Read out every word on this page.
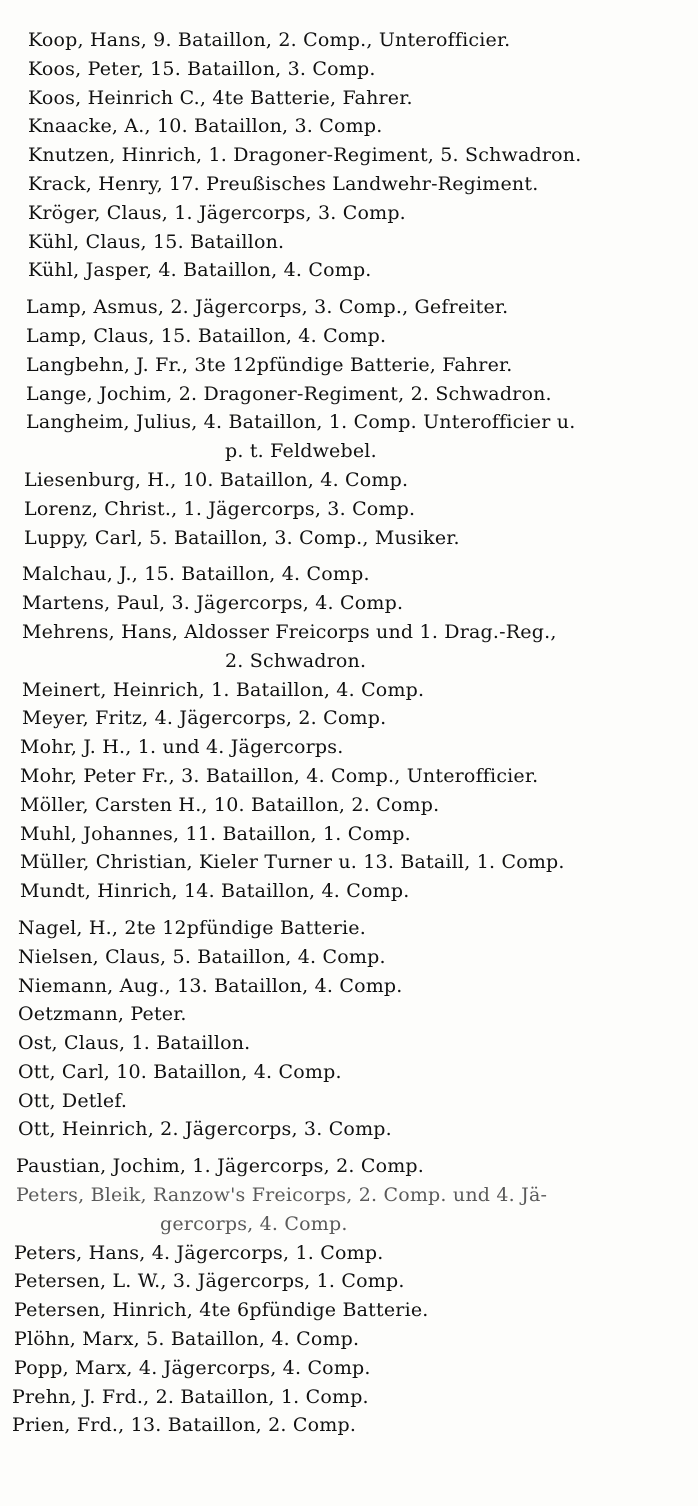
Koop, Hans, 9. Bataillon, 2. Comp., Unterofficier.
Koos, Peter, 15. Bataillon, 3. Comp.
Koos, Heinrich C., 4te Batterie, Fahrer.
Knaacke, A., 10. Bataillon, 3. Comp.
Knutzen, Hinrich, 1. Dragoner-Regiment, 5. Schwadron.
Krack, Henry, 17. Preußisches Landwehr-Regiment.
Kröger, Claus, 1. Jägercorps, 3. Comp.
Kühl, Claus, 15. Bataillon.
Kühl, Jasper, 4. Bataillon, 4. Comp.
Lamp, Asmus, 2. Jägercorps, 3. Comp., Gefreiter.
Lamp, Claus, 15. Bataillon, 4. Comp.
Langbehn, J. Fr., 3te 12pfündige Batterie, Fahrer.
Lange, Jochim, 2. Dragoner-Regiment, 2. Schwadron.
Langheim, Julius, 4. Bataillon, 1. Comp. Unterofficier u.
p. t. Feldwebel.
Liesenburg, H., 10. Bataillon, 4. Comp.
Lorenz, Christ., 1. Jägercorps, 3. Comp.
Luppy, Carl, 5. Bataillon, 3. Comp., Musiker.
Malchau, J., 15. Bataillon, 4. Comp.
Martens, Paul, 3. Jägercorps, 4. Comp.
Mehrens, Hans, Aldosser Freicorps und 1. Drag.-Reg.,
2. Schwadron.
Meinert, Heinrich, 1. Bataillon, 4. Comp.
Meyer, Fritz, 4. Jägercorps, 2. Comp.
Mohr, J. H., 1. und 4. Jägercorps.
Mohr, Peter Fr., 3. Bataillon, 4. Comp., Unterofficier.
Möller, Carsten H., 10. Bataillon, 2. Comp.
Muhl, Johannes, 11. Bataillon, 1. Comp.
Müller, Christian, Kieler Turner u. 13. Bataill, 1. Comp.
Mundt, Hinrich, 14. Bataillon, 4. Comp.
Nagel, H., 2te 12pfündige Batterie.
Nielsen, Claus, 5. Bataillon, 4. Comp.
Niemann, Aug., 13. Bataillon, 4. Comp.
Oetzmann, Peter.
Ost, Claus, 1. Bataillon.
Ott, Carl, 10. Bataillon, 4. Comp.
Ott, Detlef.
Ott, Heinrich, 2. Jägercorps, 3. Comp.
Paustian, Jochim, 1. Jägercorps, 2. Comp.
Peters, Bleik, Ranzow's Freicorps, 2. Comp. und 4. Jä-
gercorps, 4. Comp.
Peters, Hans, 4. Jägercorps, 1. Comp.
Petersen, L. W., 3. Jägercorps, 1. Comp.
Petersen, Hinrich, 4te 6pfündige Batterie.
Plöhn, Marx, 5. Bataillon, 4. Comp.
Popp, Marx, 4. Jägercorps, 4. Comp.
Prehn, J. Frd., 2. Bataillon, 1. Comp.
Prien, Frd., 13. Bataillon, 2. Comp.
